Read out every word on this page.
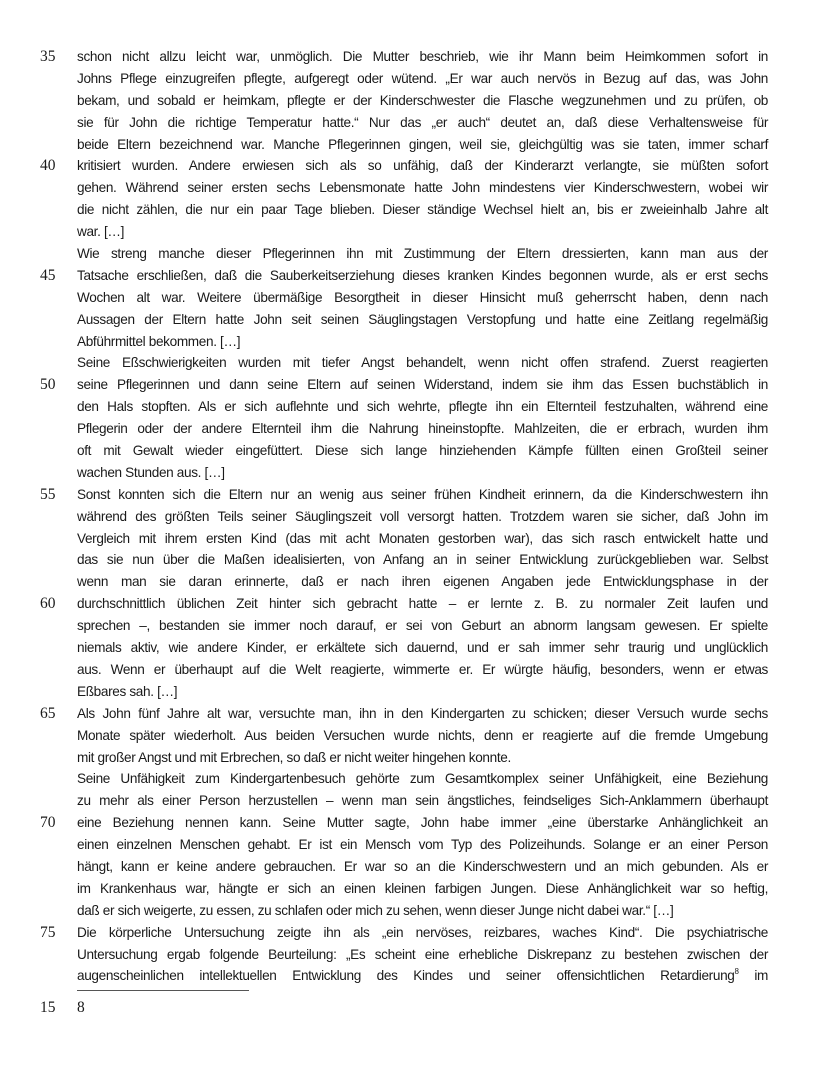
35	schon nicht allzu leicht war, unmöglich. Die Mutter beschrieb, wie ihr Mann beim Heimkommen sofort in
Johns Pflege einzugreifen pflegte, aufgeregt oder wütend. „Er war auch nervös in Bezug auf das, was John
bekam, und sobald er heimkam, pflegte er der Kinderschwester die Flasche wegzunehmen und zu prüfen, ob
sie für John die richtige Temperatur hatte.“ Nur das „er auch“ deutet an, daß diese Verhaltensweise für
beide Eltern bezeichnend war. Manche Pflegerinnen gingen, weil sie, gleichgültig was sie taten, immer scharf
40	kritisiert wurden. Andere erwiesen sich als so unfähig, daß der Kinderarzt verlangte, sie müßten sofort
gehen. Während seiner ersten sechs Lebensmonate hatte John mindestens vier Kinderschwestern, wobei wir
die nicht zählen, die nur ein paar Tage blieben. Dieser ständige Wechsel hielt an, bis er zweieinhalb Jahre alt
war. […]
Wie streng manche dieser Pflegerinnen ihn mit Zustimmung der Eltern dressierten, kann man aus der
45	Tatsache erschließen, daß die Sauberkeitserziehung dieses kranken Kindes begonnen wurde, als er erst sechs
Wochen alt war. Weitere übermäßige Besorgtheit in dieser Hinsicht muß geherrscht haben, denn nach
Aussagen der Eltern hatte John seit seinen Säuglingstagen Verstopfung und hatte eine Zeitlang regelmäßig
Abführmittel bekommen. […]
Seine Eßschwierigkeiten wurden mit tiefer Angst behandelt, wenn nicht offen strafend. Zuerst reagierten
50	seine Pflegerinnen und dann seine Eltern auf seinen Widerstand, indem sie ihm das Essen buchstäblich in
den Hals stopften. Als er sich auflehnte und sich wehrte, pflegte ihn ein Elternteil festzuhalten, während eine
Pflegerin oder der andere Elternteil ihm die Nahrung hineinstopfte. Mahlzeiten, die er erbrach, wurden ihm
oft mit Gewalt wieder eingefüttert. Diese sich lange hinziehenden Kämpfe füllten einen Großteil seiner
wachen Stunden aus. […]
55	Sonst konnten sich die Eltern nur an wenig aus seiner frühen Kindheit erinnern, da die Kinderschwestern ihn
während des größten Teils seiner Säuglingszeit voll versorgt hatten. Trotzdem waren sie sicher, daß John im
Vergleich mit ihrem ersten Kind (das mit acht Monaten gestorben war), das sich rasch entwickelt hatte und
das sie nun über die Maßen idealisierten, von Anfang an in seiner Entwicklung zurückgeblieben war. Selbst
wenn man sie daran erinnerte, daß er nach ihren eigenen Angaben jede Entwicklungsphase in der
60	durchschnittlich üblichen Zeit hinter sich gebracht hatte – er lernte z. B. zu normaler Zeit laufen und
sprechen –, bestanden sie immer noch darauf, er sei von Geburt an abnorm langsam gewesen. Er spielte
niemals aktiv, wie andere Kinder, er erkältete sich dauernd, und er sah immer sehr traurig und unglücklich
aus. Wenn er überhaupt auf die Welt reagierte, wimmerte er. Er würgte häufig, besonders, wenn er etwas
Eßbares sah. […]
65	Als John fünf Jahre alt war, versuchte man, ihn in den Kindergarten zu schicken; dieser Versuch wurde sechs
Monate später wiederholt. Aus beiden Versuchen wurde nichts, denn er reagierte auf die fremde Umgebung
mit großer Angst und mit Erbrechen, so daß er nicht weiter hingehen konnte.
Seine Unfähigkeit zum Kindergartenbesuch gehörte zum Gesamtkomplex seiner Unfähigkeit, eine Beziehung
zu mehr als einer Person herzustellen – wenn man sein ängstliches, feindseliges Sich-Anklammern überhaupt
70	eine Beziehung nennen kann. Seine Mutter sagte, John habe immer „eine überstarke Anhänglichkeit an
einen einzelnen Menschen gehabt. Er ist ein Mensch vom Typ des Polizeihunds. Solange er an einer Person
hängt, kann er keine andere gebrauchen. Er war so an die Kinderschwestern und an mich gebunden. Als er
im Krankenhaus war, hängte er sich an einen kleinen farbigen Jungen. Diese Anhänglichkeit war so heftig,
daß er sich weigerte, zu essen, zu schlafen oder mich zu sehen, wenn dieser Junge nicht dabei war.“ […]
75	Die körperliche Untersuchung zeigte ihn als „ein nervöses, reizbares, waches Kind“. Die psychiatrische
Untersuchung ergab folgende Beurteilung: „Es scheint eine erhebliche Diskrepanz zu bestehen zwischen der
augenscheinlichen intellektuellen Entwicklung des Kindes und seiner offensichtlichen Retardierung$^8$ im
15 8
